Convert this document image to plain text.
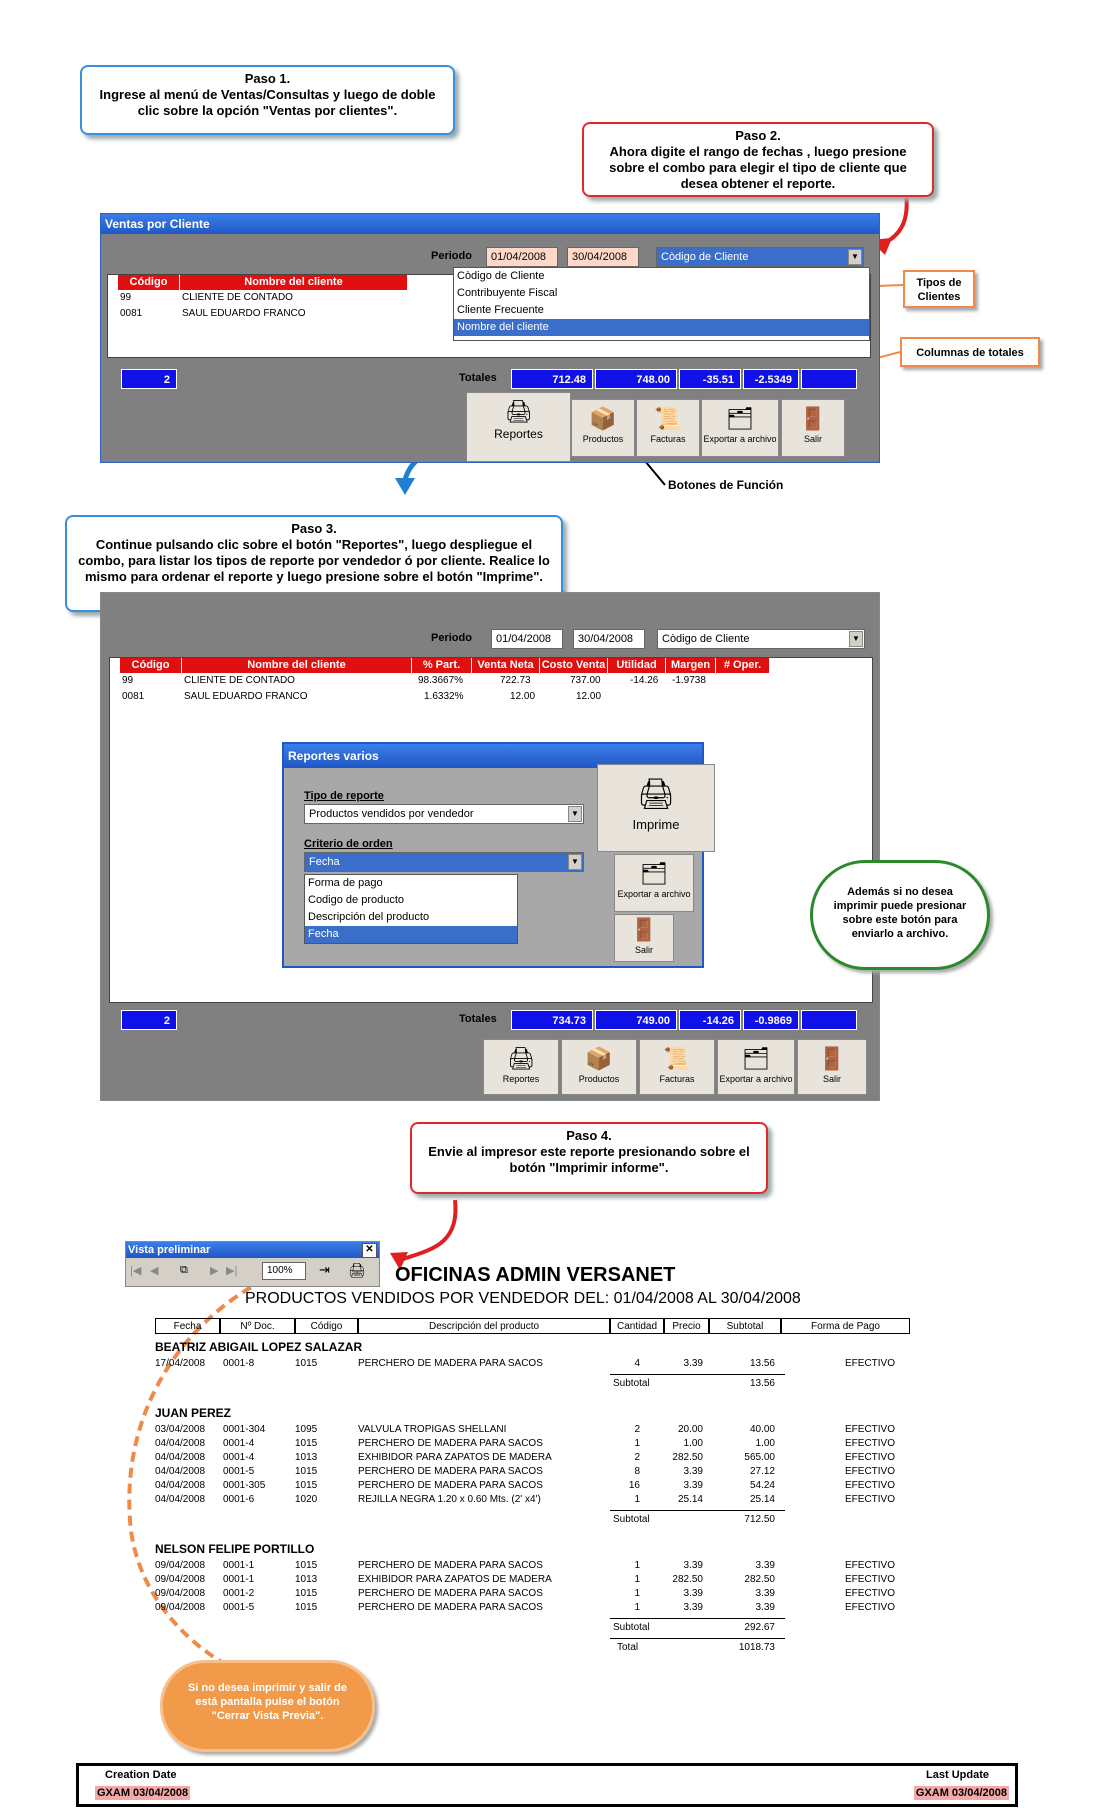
Paso 1.
Ingrese al menú de Ventas/Consultas y luego de doble clic sobre la opción "Ventas por clientes".
Paso 2.
Ahora digite el rango de fechas , luego presione sobre el combo para elegir el tipo de cliente que desea obtener el reporte.
Ventas por Cliente
Periodo	01/04/2008	30/04/2008	Còdigo de Cliente	▼
Código	Nombre del cliente
99	CLIENTE DE CONTADO
0081	SAUL EDUARDO FRANCO
Còdigo de Cliente
Contribuyente Fiscal
Cliente Frecuente
Nombre del cliente
2	Totales	712.48	748.00	-35.51	-2.5349
🖨
Reportes
📦
Productos
📜
Facturas
🗂
Exportar a archivo
🚪
Salir
Tipos de Clientes
Columnas de totales
Botones de Función
Paso 3.
Continue pulsando clic sobre el botón "Reportes", luego despliegue el combo, para listar los tipos de reporte por vendedor ó por cliente. Realice lo mismo para ordenar el reporte y luego presione sobre el botón "Imprime".
Periodo	01/04/2008	30/04/2008	Còdigo de Cliente	▼
Código	Nombre del cliente	% Part.	Venta Neta Costo Venta	Utilidad	Margen	# Oper.
99	CLIENTE DE CONTADO	98.3667%	722.73	737.00	-14.26 -1.9738
0081	SAUL EDUARDO FRANCO	1.6332%	12.00	12.00
2	Totales	734.73	749.00	-14.26	-0.9869
🖨
Reportes
📦
Productos
📜
Facturas
🗂
Exportar a archivo
🚪
Salir
Reportes varios
Tipo de reporte
Productos vendidos por vendedor	▼
Criterio de orden
Fecha	▼
Forma de pago
Codigo de producto
Descripción del producto
Fecha
🖨
Imprime
🗂
Exportar a archivo
🚪
Salir
Además si no desea imprimir puede presionar sobre este botón para enviarlo a archivo.
Paso 4.
Envie al impresor este reporte presionando sobre el botón "Imprimir informe".
Vista preliminar	✕
|◀ ◀ ⧉ ▶ ▶|	100%	⇥ 🖨 OFICINAS ADMIN VERSANET
PRODUCTOS VENDIDOS POR VENDEDOR DEL: 01/04/2008 AL 30/04/2008
Fecha	Nº Doc.	Código	Descripción del producto	Cantidad	Precio	Subtotal	Forma de Pago
BEATRIZ ABIGAIL LOPEZ SALAZAR
17/04/2008 0001-8	1015	PERCHERO DE MADERA PARA SACOS	4	3.39	13.56	EFECTIVO
Subtotal	13.56
JUAN PEREZ
03/04/2008 0001-304	1095	VALVULA TROPIGAS SHELLANI	2	20.00	40.00	EFECTIVO
04/04/2008 0001-4	1015	PERCHERO DE MADERA PARA SACOS	1	1.00	1.00	EFECTIVO
04/04/2008 0001-4	1013	EXHIBIDOR PARA ZAPATOS DE MADERA	2	282.50	565.00	EFECTIVO
04/04/2008 0001-5	1015	PERCHERO DE MADERA PARA SACOS	8	3.39	27.12	EFECTIVO
04/04/2008 0001-305	1015	PERCHERO DE MADERA PARA SACOS	16	3.39	54.24	EFECTIVO
04/04/2008 0001-6	1020	REJILLA NEGRA 1.20 x 0.60 Mts. (2' x4')	1	25.14	25.14	EFECTIVO
Subtotal	712.50
NELSON FELIPE PORTILLO
09/04/2008 0001-1	1015	PERCHERO DE MADERA PARA SACOS	1	3.39	3.39	EFECTIVO
09/04/2008 0001-1	1013	EXHIBIDOR PARA ZAPATOS DE MADERA	1	282.50	282.50	EFECTIVO
09/04/2008 0001-2	1015	PERCHERO DE MADERA PARA SACOS	1	3.39	3.39	EFECTIVO
09/04/2008 0001-5	1015	PERCHERO DE MADERA PARA SACOS	1	3.39	3.39	EFECTIVO
Subtotal	292.67
Total	1018.73
Si no desea imprimir y salir de está pantalla pulse el botón "Cerrar Vista Previa".
Creation Date
GXAM 03/04/2008
Last Update
GXAM 03/04/2008
